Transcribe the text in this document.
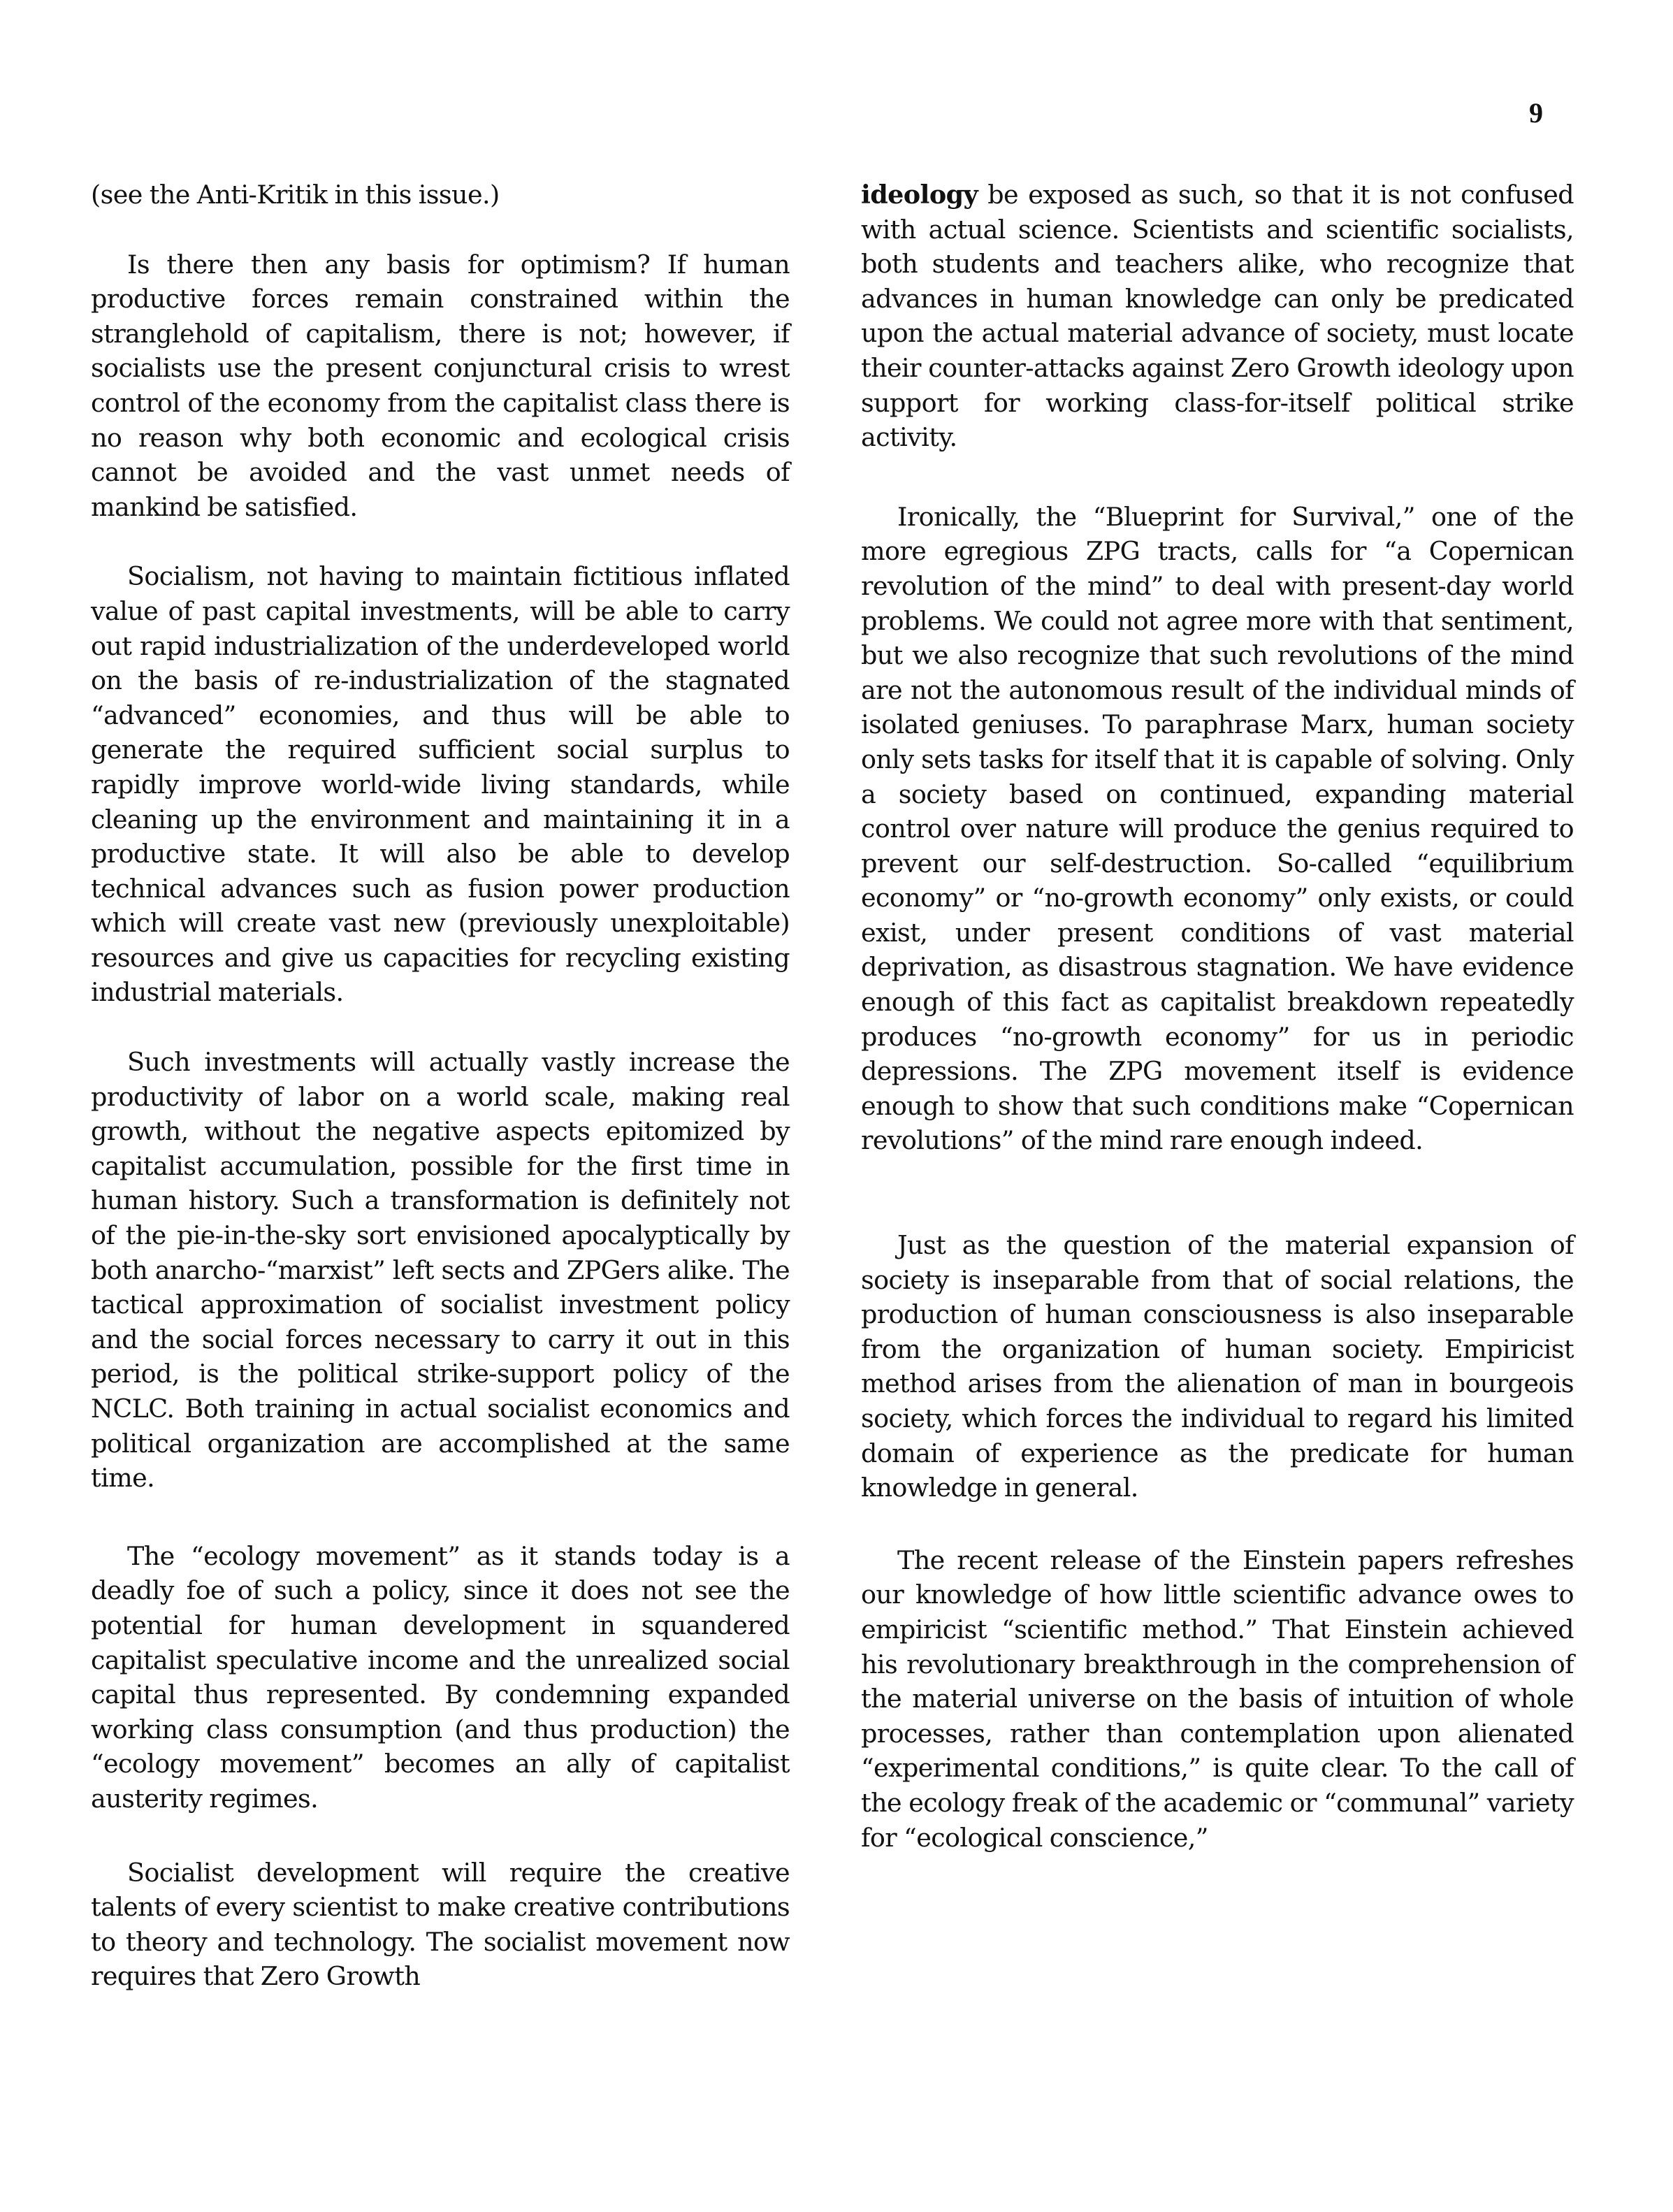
9

(see the Anti-Kritik in this issue.)

Is there then any basis for optimism? If human productive forces remain constrained within the stranglehold of capitalism, there is not; however, if socialists use the present conjunctural crisis to wrest control of the economy from the capitalist class there is no reason why both economic and ecological crisis cannot be avoided and the vast unmet needs of mankind be satisfied.

Socialism, not having to maintain fictitious inflated value of past capital investments, will be able to carry out rapid industrialization of the underdeveloped world on the basis of re-industrialization of the stagnated “advanced” economies, and thus will be able to generate the required sufficient social surplus to rapidly improve world-wide living standards, while cleaning up the environment and maintaining it in a productive state. It will also be able to develop technical advances such as fusion power production which will create vast new (previously unexploitable) resources and give us capacities for recycling existing industrial materials.

Such investments will actually vastly increase the productivity of labor on a world scale, making real growth, without the negative aspects epitomized by capitalist accumulation, possible for the first time in human history. Such a transformation is definitely not of the pie-in-the-sky sort envisioned apocalyptically by both anarcho-“marxist” left sects and ZPGers alike. The tactical approximation of socialist investment policy and the social forces necessary to carry it out in this period, is the political strike-support policy of the NCLC. Both training in actual socialist economics and political organization are accomplished at the same time.

The “ecology movement” as it stands today is a deadly foe of such a policy, since it does not see the potential for human development in squandered capitalist speculative income and the unrealized social capital thus represented. By condemning expanded working class consumption (and thus production) the “ecology movement” becomes an ally of capitalist austerity regimes.

Socialist development will require the creative talents of every scientist to make creative contributions to theory and technology. The socialist movement now requires that Zero Growth

ideology be exposed as such, so that it is not confused with actual science. Scientists and scientific socialists, both students and teachers alike, who recognize that advances in human knowledge can only be predicated upon the actual material advance of society, must locate their counter-attacks against Zero Growth ideology upon support for working class-for-itself political strike activity.

Ironically, the “Blueprint for Survival,” one of the more egregious ZPG tracts, calls for “a Copernican revolution of the mind” to deal with present-day world problems. We could not agree more with that sentiment, but we also recognize that such revolutions of the mind are not the autonomous result of the individual minds of isolated geniuses. To paraphrase Marx, human society only sets tasks for itself that it is capable of solving. Only a society based on continued, expanding material control over nature will produce the genius required to prevent our self-destruction. So-called “equilibrium economy” or “no-growth economy” only exists, or could exist, under present conditions of vast material deprivation, as disastrous stagnation. We have evidence enough of this fact as capitalist breakdown repeatedly produces “no-growth economy” for us in periodic depressions. The ZPG movement itself is evidence enough to show that such conditions make “Copernican revolutions” of the mind rare enough indeed.

Just as the question of the material expansion of society is inseparable from that of social relations, the production of human consciousness is also inseparable from the organization of human society. Empiricist method arises from the alienation of man in bourgeois society, which forces the individual to regard his limited domain of experience as the predicate for human knowledge in general.

The recent release of the Einstein papers refreshes our knowledge of how little scientific advance owes to empiricist “scientific method.” That Einstein achieved his revolutionary breakthrough in the comprehension of the material universe on the basis of intuition of whole processes, rather than contemplation upon alienated “experimental conditions,” is quite clear. To the call of the ecology freak of the academic or “communal” variety for “ecological conscience,”
